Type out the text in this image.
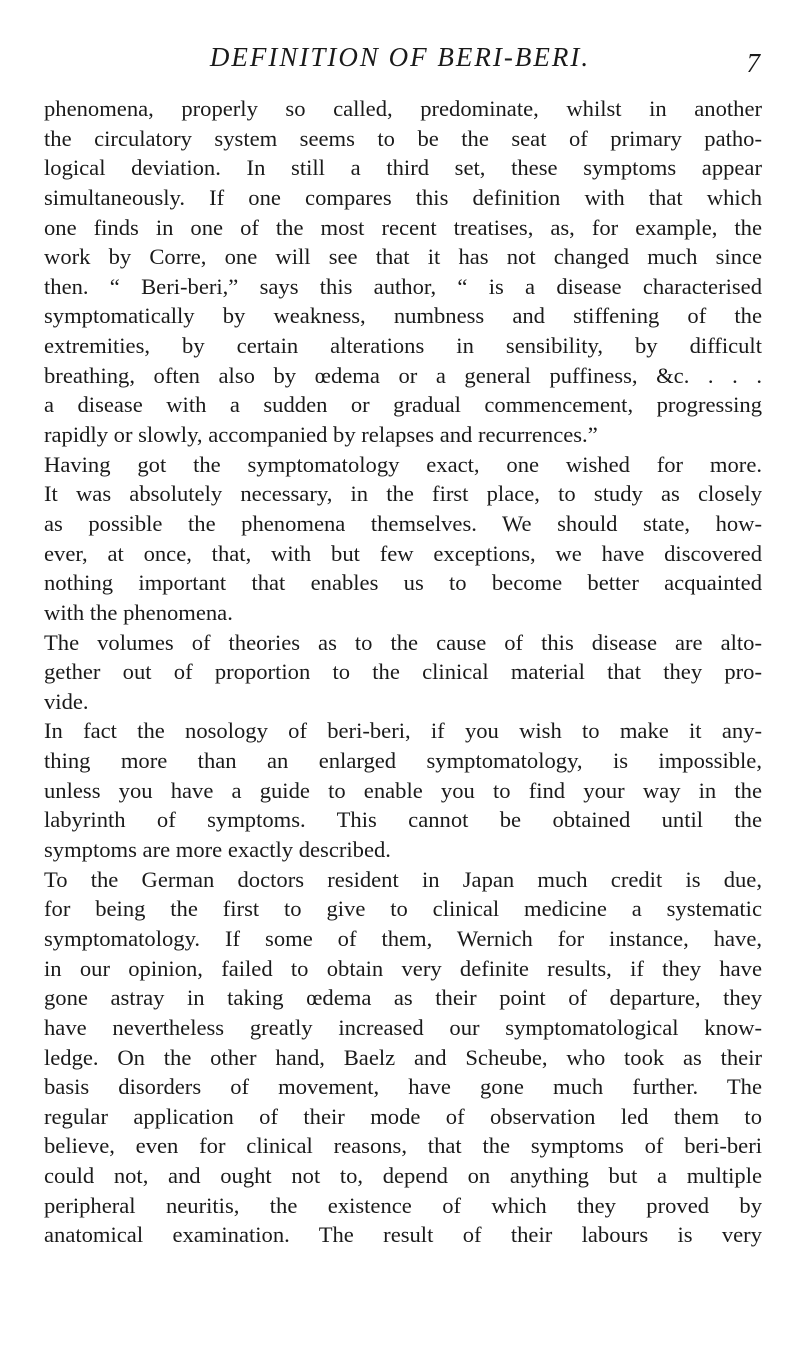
DEFINITION OF BERI-BERI.	7
phenomena, properly so called, predominate, whilst in another
the circulatory system seems to be the seat of primary patho-
logical deviation. In still a third set, these symptoms appear
simultaneously. If one compares this definition with that which
one finds in one of the most recent treatises, as, for example, the
work by Corre, one will see that it has not changed much since
then. “ Beri-beri,” says this author, “ is a disease characterised
symptomatically by weakness, numbness and stiffening of the
extremities, by certain alterations in sensibility, by difficult
breathing, often also by œdema or a general puffiness, &c. . . .
a disease with a sudden or gradual commencement, progressing
rapidly or slowly, accompanied by relapses and recurrences.”
Having got the symptomatology exact, one wished for more.
It was absolutely necessary, in the first place, to study as closely
as possible the phenomena themselves. We should state, how-
ever, at once, that, with but few exceptions, we have discovered
nothing important that enables us to become better acquainted
with the phenomena.
The volumes of theories as to the cause of this disease are alto-
gether out of proportion to the clinical material that they pro-
vide.
In fact the nosology of beri-beri, if you wish to make it any-
thing more than an enlarged symptomatology, is impossible,
unless you have a guide to enable you to find your way in the
labyrinth of symptoms. This cannot be obtained until the
symptoms are more exactly described.
To the German doctors resident in Japan much credit is due,
for being the first to give to clinical medicine a systematic
symptomatology. If some of them, Wernich for instance, have,
in our opinion, failed to obtain very definite results, if they have
gone astray in taking œdema as their point of departure, they
have nevertheless greatly increased our symptomatological know-
ledge. On the other hand, Baelz and Scheube, who took as their
basis disorders of movement, have gone much further. The
regular application of their mode of observation led them to
believe, even for clinical reasons, that the symptoms of beri-beri
could not, and ought not to, depend on anything but a multiple
peripheral neuritis, the existence of which they proved by
anatomical examination. The result of their labours is very
